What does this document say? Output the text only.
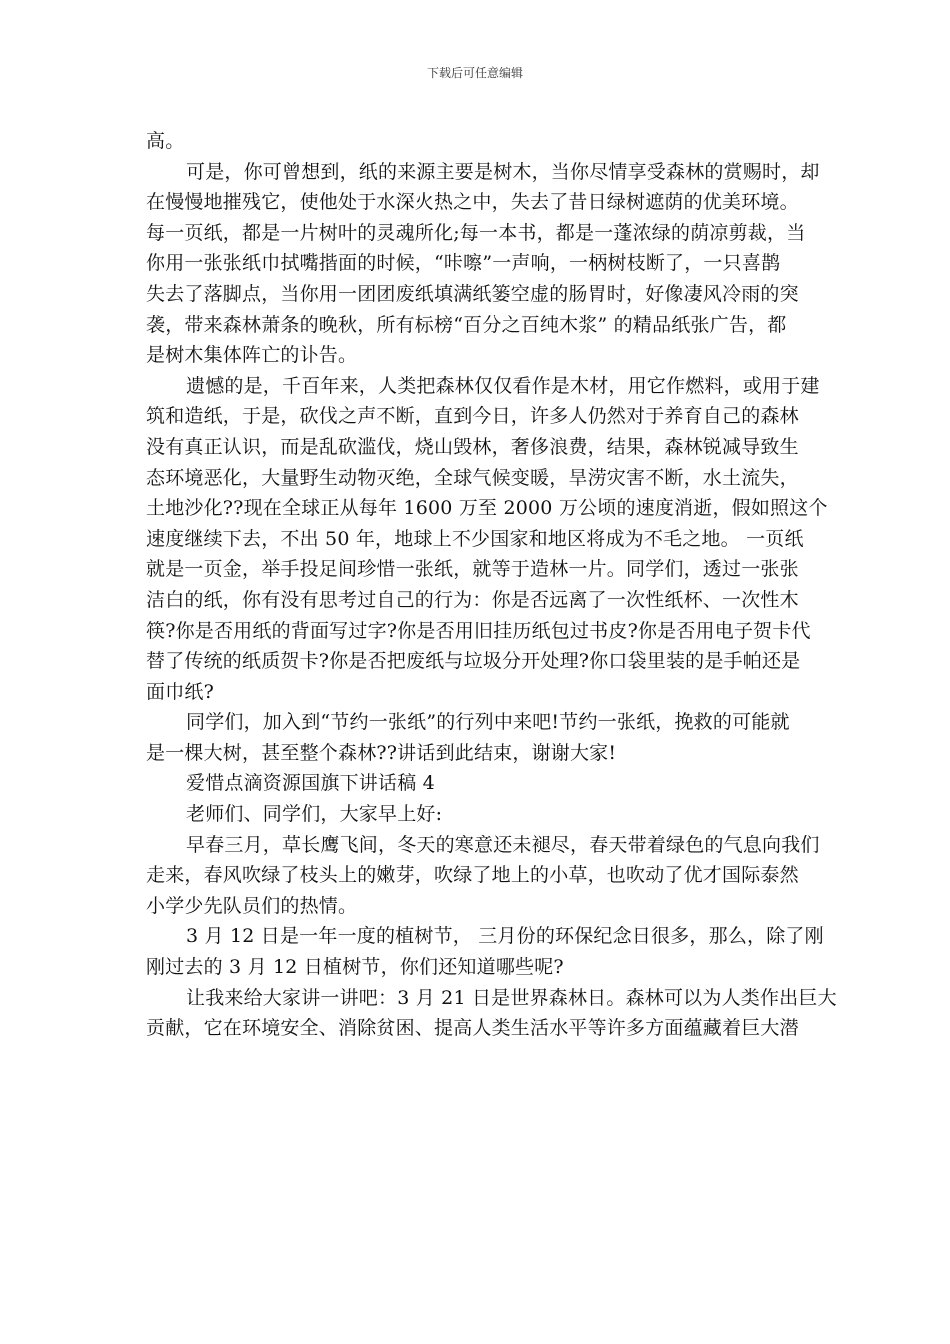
下载后可任意编辑
高。
可是，你可曾想到，纸的来源主要是树木，当你尽情享受森林的赏赐时，却
在慢慢地摧残它，使他处于水深火热之中，失去了昔日绿树遮荫的优美环境。
每一页纸，都是一片树叶的灵魂所化;每一本书，都是一蓬浓绿的荫凉剪裁，当
你用一张张纸巾拭嘴揩面的时候，“咔嚓”一声响，一柄树枝断了，一只喜鹊
失去了落脚点，当你用一团团废纸填满纸篓空虚的肠胃时，好像凄风冷雨的突
袭，带来森林萧条的晚秋，所有标榜“百分之百纯木浆” 的精品纸张广告，都
是树木集体阵亡的讣告。
遗憾的是，千百年来，人类把森林仅仅看作是木材，用它作燃料，或用于建
筑和造纸，于是，砍伐之声不断，直到今日，许多人仍然对于养育自己的森林
没有真正认识，而是乱砍滥伐，烧山毁林，奢侈浪费，结果，森林锐减导致生
态环境恶化，大量野生动物灭绝，全球气候变暖，旱涝灾害不断，水土流失，
土地沙化??现在全球正从每年 1600 万至 2000 万公顷的速度消逝，假如照这个
速度继续下去，不出 50 年，地球上不少国家和地区将成为不毛之地。 一页纸
就是一页金，举手投足间珍惜一张纸，就等于造林一片。同学们，透过一张张
洁白的纸，你有没有思考过自己的行为：你是否远离了一次性纸杯、一次性木
筷?你是否用纸的背面写过字?你是否用旧挂历纸包过书皮?你是否用电子贺卡代
替了传统的纸质贺卡?你是否把废纸与垃圾分开处理?你口袋里装的是手帕还是
面巾纸?
同学们，加入到“节约一张纸”的行列中来吧!节约一张纸，挽救的可能就
是一棵大树，甚至整个森林??讲话到此结束，谢谢大家!
爱惜点滴资源国旗下讲话稿 4
老师们、同学们，大家早上好:
早春三月，草长鹰飞间，冬天的寒意还未褪尽，春天带着绿色的气息向我们
走来，春风吹绿了枝头上的嫩芽，吹绿了地上的小草，也吹动了优才国际泰然
小学少先队员们的热情。
3 月 12 日是一年一度的植树节， 三月份的环保纪念日很多，那么，除了刚
刚过去的 3 月 12 日植树节，你们还知道哪些呢?
让我来给大家讲一讲吧：3 月 21 日是世界森林日。森林可以为人类作出巨大
贡献，它在环境安全、消除贫困、提高人类生活水平等许多方面蕴藏着巨大潜
